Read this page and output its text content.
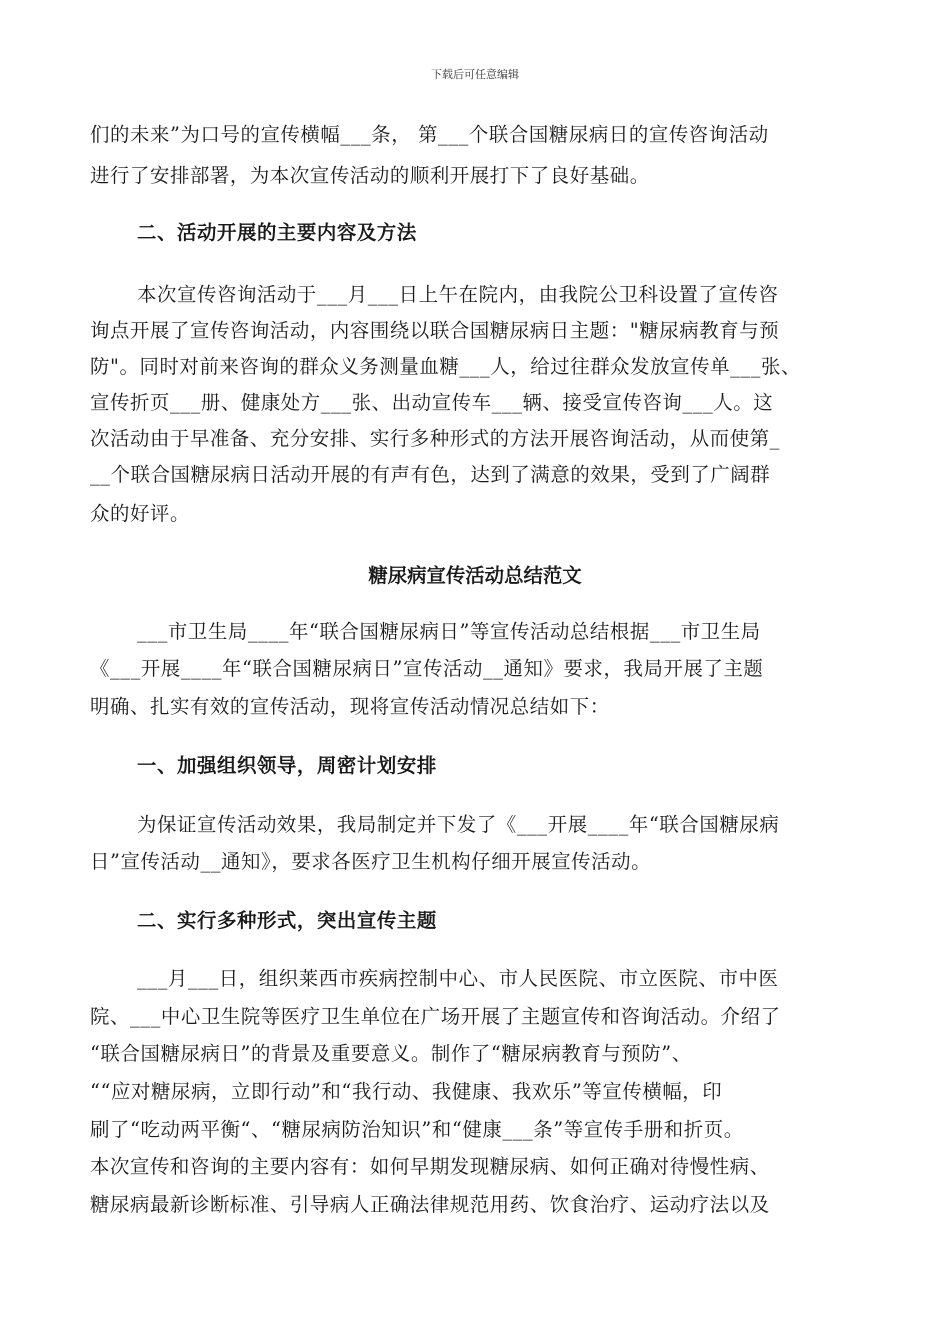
下载后可任意编辑
们的未来”为口号的宣传横幅___条， 第___个联合国糖尿病日的宣传咨询活动
进行了安排部署，为本次宣传活动的顺利开展打下了良好基础。
二、活动开展的主要内容及方法
本次宣传咨询活动于___月___日上午在院内，由我院公卫科设置了宣传咨
询点开展了宣传咨询活动，内容围绕以联合国糖尿病日主题："糖尿病教育与预
防"。同时对前来咨询的群众义务测量血糖___人，给过往群众发放宣传单___张、
宣传折页___册、健康处方___张、出动宣传车___辆、接受宣传咨询___人。这
次活动由于早准备、充分安排、实行多种形式的方法开展咨询活动，从而使第_
__个联合国糖尿病日活动开展的有声有色，达到了满意的效果，受到了广阔群
众的好评。
糖尿病宣传活动总结范文
___市卫生局____年“联合国糖尿病日”等宣传活动总结根据___市卫生局
《___开展____年“联合国糖尿病日”宣传活动__通知》要求，我局开展了主题
明确、扎实有效的宣传活动，现将宣传活动情况总结如下：
一、加强组织领导，周密计划安排
为保证宣传活动效果，我局制定并下发了《___开展____年“联合国糖尿病
日”宣传活动__通知》，要求各医疗卫生机构仔细开展宣传活动。
二、实行多种形式，突出宣传主题
___月___日，组织莱西市疾病控制中心、市人民医院、市立医院、市中医
院、___中心卫生院等医疗卫生单位在广场开展了主题宣传和咨询活动。介绍了
“联合国糖尿病日”的背景及重要意义。制作了“糖尿病教育与预防”、
““应对糖尿病，立即行动”和“我行动、我健康、我欢乐”等宣传横幅，印
刷了“吃动两平衡“、“糖尿病防治知识”和“健康___条”等宣传手册和折页。
本次宣传和咨询的主要内容有：如何早期发现糖尿病、如何正确对待慢性病、
糖尿病最新诊断标准、引导病人正确法律规范用药、饮食治疗、运动疗法以及
